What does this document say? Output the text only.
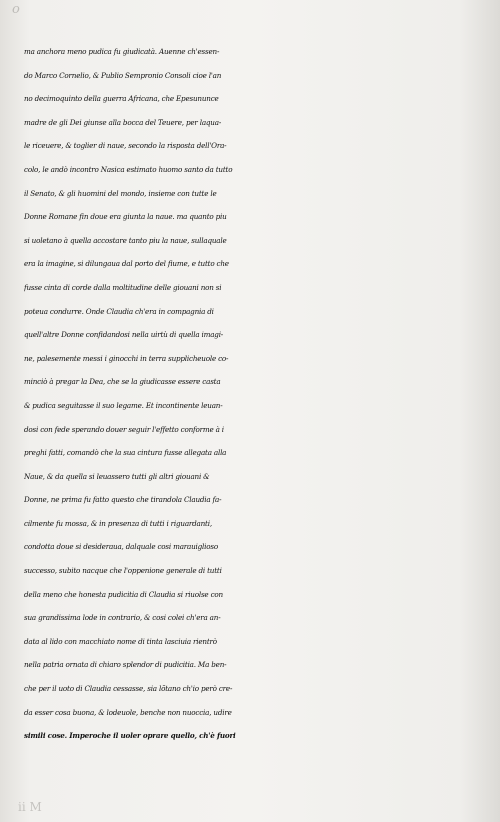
o
ma anchora meno pudica fu giudicatà. Auenne ch'essen-
do Marco Cornelio, & Publio Sempronio Consoli cioe l'an
no decimoquinto della guerra Africana, che Epesununce
madre de gli Dei giunse alla bocca del Teuere, per laqua-
le riceuere, & toglier di naue, secondo la risposta dell'Ora-
colo, le andò incontro Nasica estimato huomo santo da tutto
il Senato, & gli huomini del mondo, insieme con tutte le
Donne Romane fin doue era giunta la naue. ma quanto piu
si uoletano à quella accostare tanto piu la naue, sullaquale
era la imagine, si dilungaua dal porto del fiume, e tutto che
fusse cinta di corde dalla moltitudine delle giouani non si
poteua condurre. Onde Claudia ch'era in compagnia di
quell'altre Donne confidandosi nella uirtù di quella imagi-
ne, palesemente messi i ginocchi in terra supplicheuole co-
minciò à pregar la Dea, che se la giudicasse essere casta
& pudica seguitasse il suo legame. Et incontinente leuan-
dosi con fede sperando douer seguir l'effetto conforme à i
preghi fatti, comandò che la sua cintura fusse allegata alla
Naue, & da quella si leuassero tutti gli altri giouani &
Donne, ne prima fu fatto questo che tirandola Claudia fa-
cilmente fu mossa, & in presenza di tutti i riguardanti,
condotta doue si desideraua, dalquale cosi marauiglioso
successo, subito nacque che l'oppenione generale di tutti
della meno che honesta pudicitia di Claudia si riuolse con
sua grandissima lode in contrario, & cosi colei ch'era an-
data al lido con macchiato nome di tinta lasciuia rientrò
nella patria ornata di chiaro splendor di pudicitia. Ma ben-
che per il uoto di Claudia cessasse, sia lõtano ch'io però cre-
da esser cosa buona, & lodeuole, benche non nuoccia, udire
simili cose. Imperoche il uoler oprare quello, ch'è fuori
ii M
